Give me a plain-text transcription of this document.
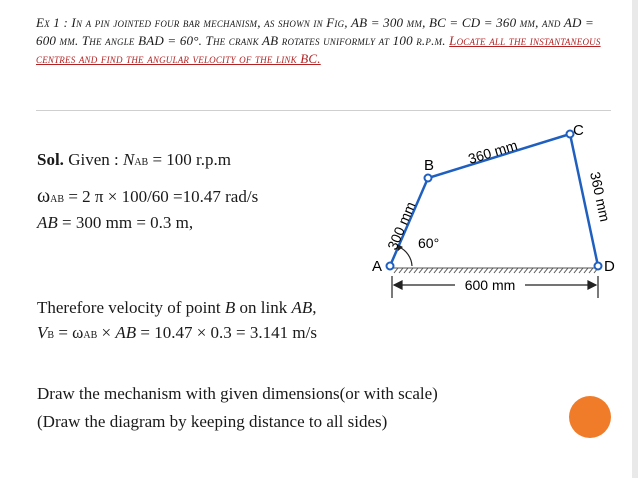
Ex 1 : In a pin jointed four bar mechanism, as shown in Fig, AB = 300 mm, BC = CD = 360 mm, and AD = 600 mm. The angle BAD = 60°. The crank AB rotates uniformly at 100 r.p.m. Locate all the instantaneous centres and find the angular velocity of the link BC.
Sol. Given : NAB = 100 r.p.m
ωAB = 2 π × 100/60 =10.47 rad/s
AB = 300 mm = 0.3 m,
Therefore velocity of point B on link AB,
VB = ωAB × AB = 10.47 × 0.3 = 3.141 m/s
Draw the mechanism with given dimensions(or with scale)
(Draw the diagram by keeping distance to all sides)
600 mm
A
B
C
D
60°
300 mm
360 mm
360 mm
